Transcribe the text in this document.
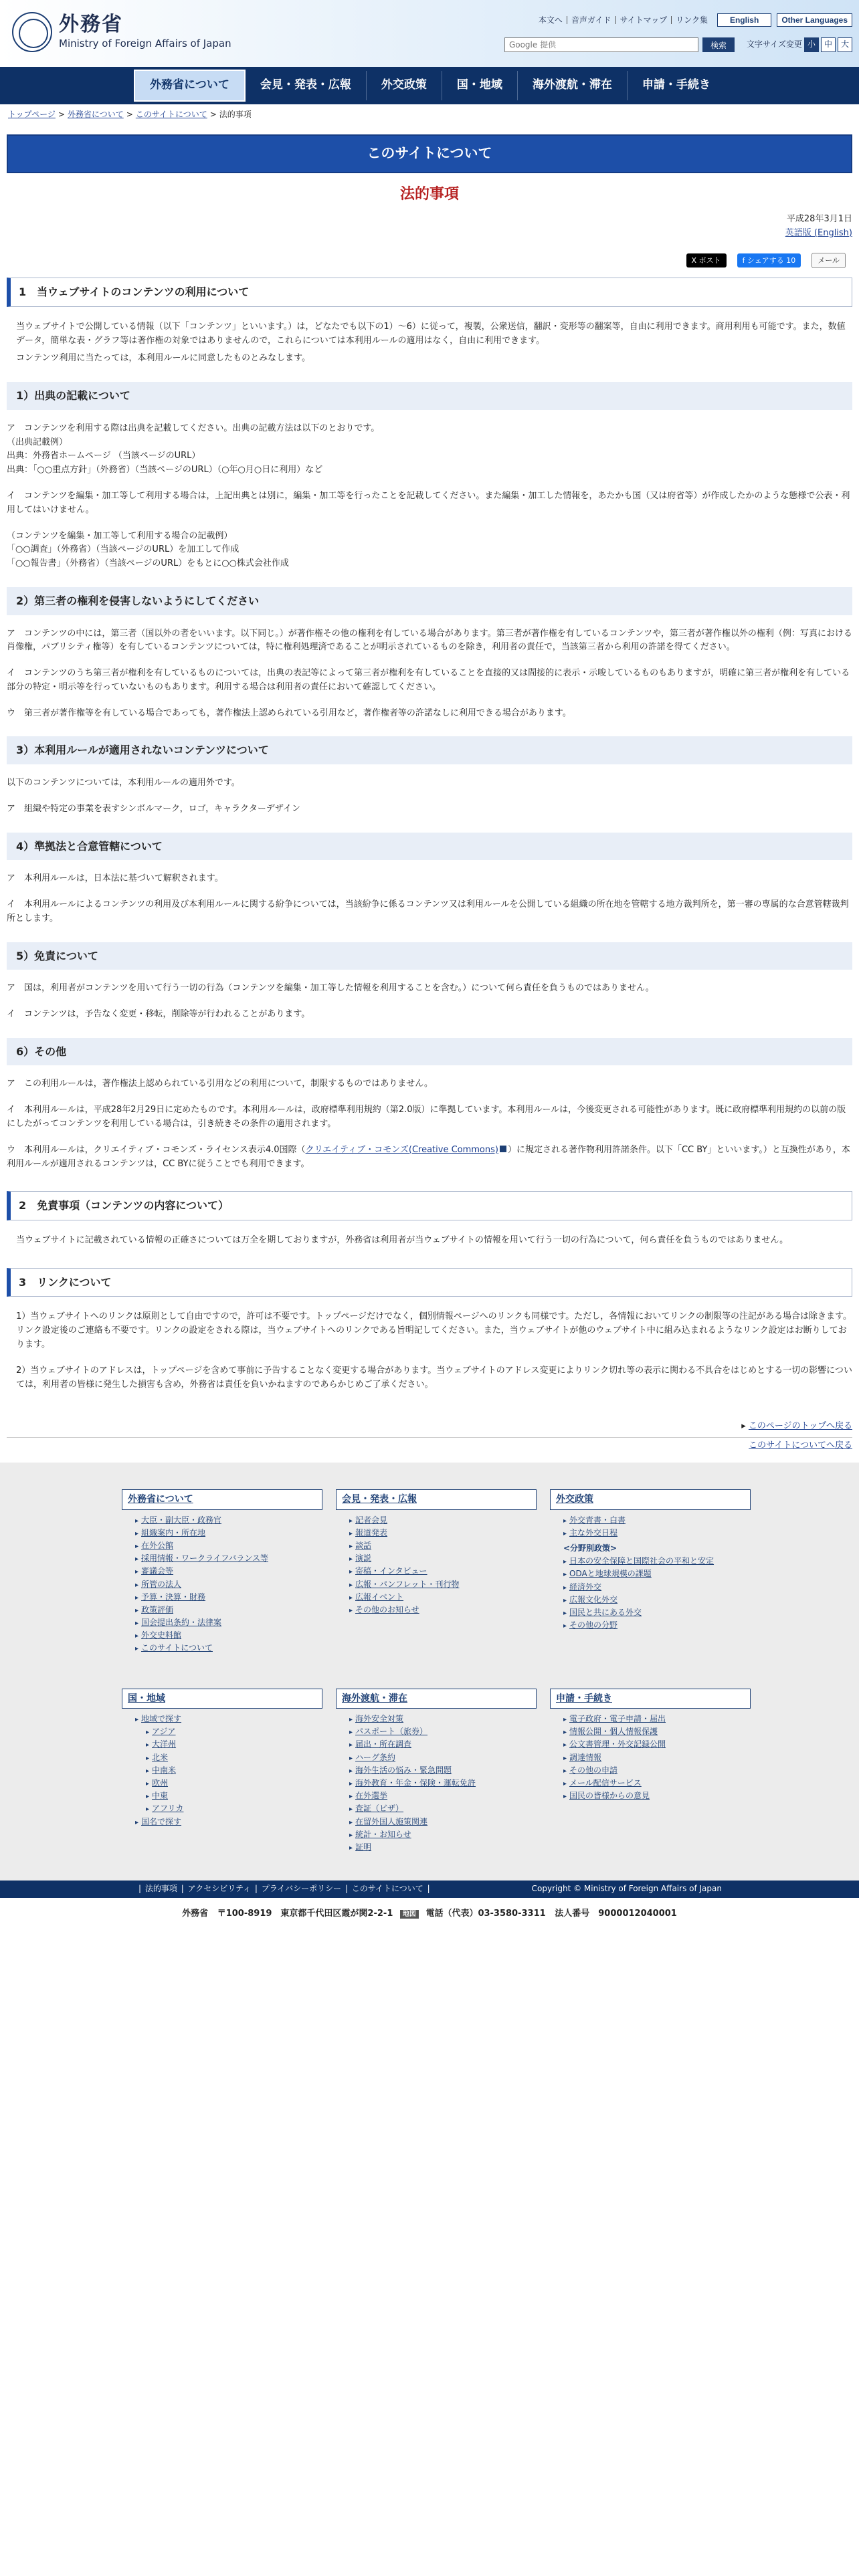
外務省
Ministry of Foreign Affairs of Japan
本文へ	音声ガイド	サイトマップ	リンク集	English	Other Languages
Google 提供
検索	文字サイズ変更 小	中	大
外務省について	会見・発表・広報	外交政策	国・地域	海外渡航・滞在	申請・手続き
トップページ > 外務省について > このサイトについて > 法的事項
このサイトについて
法的事項
平成28年3月1日
英語版 (English)
X ポスト	f シェアする 10	メール
1　当ウェブサイトのコンテンツの利用について

当ウェブサイトで公開している情報（以下「コンテンツ」といいます。）は，どなたでも以下の1）～6）に従って，複製，公衆送信，翻訳・変形等の翻案等，自由に利用できます。商用利用も可能です。また，数値データ，簡単な表・グラフ等は著作権の対象ではありませんので，これらについては本利用ルールの適用はなく，自由に利用できます。

コンテンツ利用に当たっては，本利用ルールに同意したものとみなします。

1）出典の記載について

ア　コンテンツを利用する際は出典を記載してください。出典の記載方法は以下のとおりです。

（出典記載例）
出典：外務省ホームページ （当該ページのURL）
出典：「○○重点方針」（外務省）（当該ページのURL）（○年○月○日に利用）など

イ　コンテンツを編集・加工等して利用する場合は，上記出典とは別に，編集・加工等を行ったことを記載してください。また編集・加工した情報を，あたかも国（又は府省等）が作成したかのような態様で公表・利用してはいけません。

（コンテンツを編集・加工等して利用する場合の記載例）
「○○調査」（外務省）（当該ページのURL）を加工して作成
「○○報告書」（外務省）（当該ページのURL）をもとに○○株式会社作成
2）第三者の権利を侵害しないようにしてください

ア　コンテンツの中には，第三者（国以外の者をいいます。以下同じ。）が著作権その他の権利を有している場合があります。第三者が著作権を有しているコンテンツや，第三者が著作権以外の権利（例：写真における肖像権，パブリシティ権等）を有しているコンテンツについては，特に権利処理済であることが明示されているものを除き，利用者の責任で，当該第三者から利用の許諾を得てください。

イ　コンテンツのうち第三者が権利を有しているものについては，出典の表記等によって第三者が権利を有していることを直接的又は間接的に表示・示唆しているものもありますが，明確に第三者が権利を有している部分の特定・明示等を行っていないものもあります。利用する場合は利用者の責任において確認してください。

ウ　第三者が著作権等を有している場合であっても，著作権法上認められている引用など，著作権者等の許諾なしに利用できる場合があります。

3）本利用ルールが適用されないコンテンツについて

以下のコンテンツについては，本利用ルールの適用外です。

ア　組織や特定の事業を表すシンボルマーク，ロゴ，キャラクターデザイン

4）準拠法と合意管轄について

ア　本利用ルールは，日本法に基づいて解釈されます。

イ　本利用ルールによるコンテンツの利用及び本利用ルールに関する紛争については，当該紛争に係るコンテンツ又は利用ルールを公開している組織の所在地を管轄する地方裁判所を，第一審の専属的な合意管轄裁判所とします。

5）免責について

ア　国は，利用者がコンテンツを用いて行う一切の行為（コンテンツを編集・加工等した情報を利用することを含む。）について何ら責任を負うものではありません。

イ　コンテンツは，予告なく変更・移転，削除等が行われることがあります。

6）その他

ア　この利用ルールは，著作権法上認められている引用などの利用について，制限するものではありません。

イ　本利用ルールは，平成28年2月29日に定めたものです。本利用ルールは，政府標準利用規約（第2.0版）に準拠しています。本利用ルールは，今後変更される可能性があります。既に政府標準利用規約の以前の版にしたがってコンテンツを利用している場合は，引き続きその条件の適用されます。

ウ　本利用ルールは，クリエイティブ・コモンズ・ライセンス表示4.0国際（クリエイティブ・コモンズ(Creative Commons) ）に規定される著作物利用許諾条件。以下「CC BY」といいます。）と互換性があり，本利用ルールが適用されるコンテンツは，CC BYに従うことでも利用できます。

2　免責事項（コンテンツの内容について）

当ウェブサイトに記載されている情報の正確さについては万全を期しておりますが，外務省は利用者が当ウェブサイトの情報を用いて行う一切の行為について，何ら責任を負うものではありません。

3　リンクについて

1）当ウェブサイトへのリンクは原則として自由ですので，許可は不要です。トップページだけでなく，個別情報ページへのリンクも同様です。ただし，各情報においてリンクの制限等の注記がある場合は除きます。リンク設定後のご連絡も不要です。リンクの設定をされる際は，当ウェブサイトへのリンクである旨明記してください。また，当ウェブサイトが他のウェブサイト中に組み込まれるようなリンク設定はお断りしております。

2）当ウェブサイトのアドレスは，トップページを含めて事前に予告することなく変更する場合があります。当ウェブサイトのアドレス変更によりリンク切れ等の表示に関わる不具合をはじめとする一切の影響については，利用者の皆様に発生した損害も含め，外務省は責任を負いかねますのであらかじめご了承ください。

▸ このページのトップへ戻る
このサイトについてへ戻る
外務省について
▸ 大臣・副大臣・政務官
▸ 組織案内・所在地
▸ 在外公館
▸ 採用情報・ワークライフバランス等
▸ 審議会等
▸ 所管の法人
▸ 予算・決算・財務
▸ 政策評価
▸ 国会提出条約・法律案
▸ 外交史料館
▸ このサイトについて
会見・発表・広報
▸ 記者会見
▸ 報道発表
▸ 談話
▸ 演説
▸ 寄稿・インタビュー
▸ 広報・パンフレット・刊行物
▸ 広報イベント
▸ その他のお知らせ
外交政策
▸ 外交青書・白書
▸ 主な外交日程
<分野別政策>
▸ 日本の安全保障と国際社会の平和と安定
▸ ODAと地球規模の課題
▸ 経済外交
▸ 広報文化外交
▸ 国民と共にある外交
▸ その他の分野
国・地域
▸ 地域で探す
▸ アジア
▸ 大洋州
▸ 北米
▸ 中南米
▸ 欧州
▸ 中東
▸ アフリカ
▸ 国名で探す
海外渡航・滞在
▸ 海外安全対策
▸ パスポート（旅券）
▸ 届出・所在調査
▸ ハーグ条約
▸ 海外生活の悩み・緊急問題
▸ 海外教育・年金・保険・運転免許
▸ 在外選挙
▸ 査証（ビザ）
▸ 在留外国人施策関連
▸ 統計・お知らせ
▸ 証明
申請・手続き
▸ 電子政府・電子申請・届出
▸ 情報公開・個人情報保護
▸ 公文書管理・外交記録公開
▸ 調達情報
▸ その他の申請
▸ メール配信サービス
▸ 国民の皆様からの意見
| 法的事項 | アクセシビリティ | プライバシーポリシー | このサイトについて |	Copyright © Ministry of Foreign Affairs of Japan
外務省 〒100-8919　東京都千代田区霞が関2-2-1 地図 電話（代表）03-3580-3311 法人番号　9000012040001
